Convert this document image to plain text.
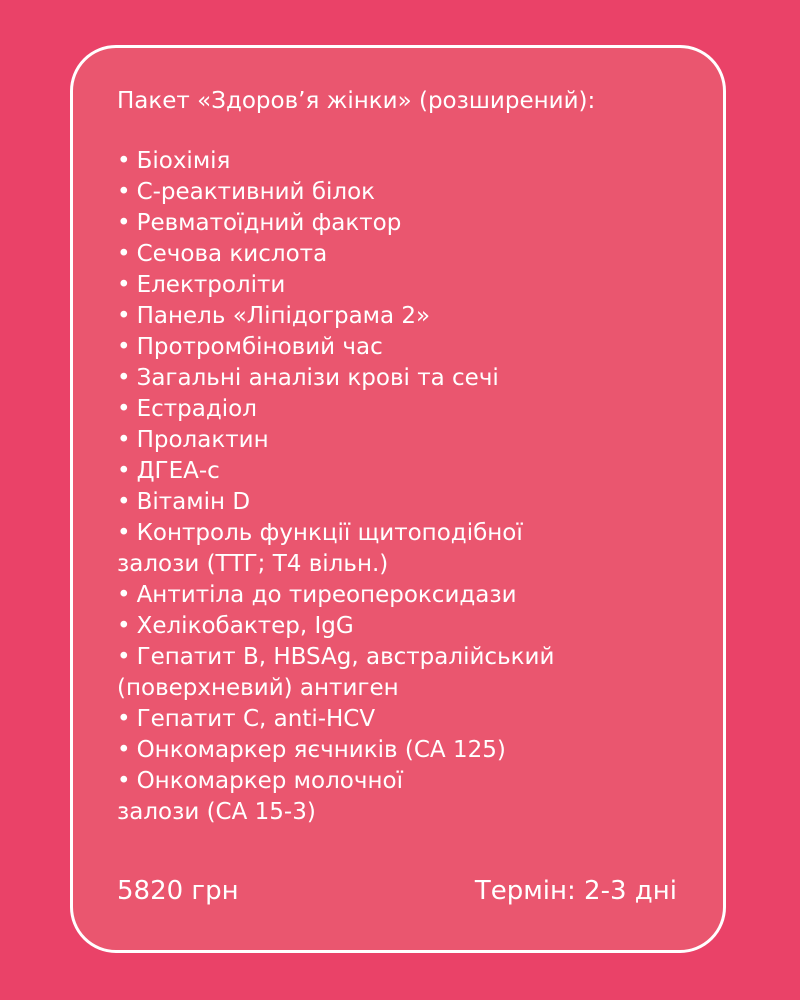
Пакет «Здоров’я жінки» (розширений):
• Біохімія
• С-реактивний білок
• Ревматоїдний фактор
• Сечова кислота
• Електроліти
• Панель «Ліпідограма 2»
• Протромбіновий час
• Загальні аналізи крові та сечі
• Естрадіол
• Пролактин
• ДГЕА-с
• Вітамін D
• Контроль функції щитоподібної
залози (ТТГ; Т4 вільн.)
• Антитіла до тиреопероксидази
• Хелікобактер, IgG
• Гепатит В, HBSAg, австралійський
(поверхневий) антиген
• Гепатит С, anti-HCV
• Онкомаркер яєчників (СА 125)
• Онкомаркер молочної
залози (СА 15-3)
5820 грн	Термін: 2-3 дні
